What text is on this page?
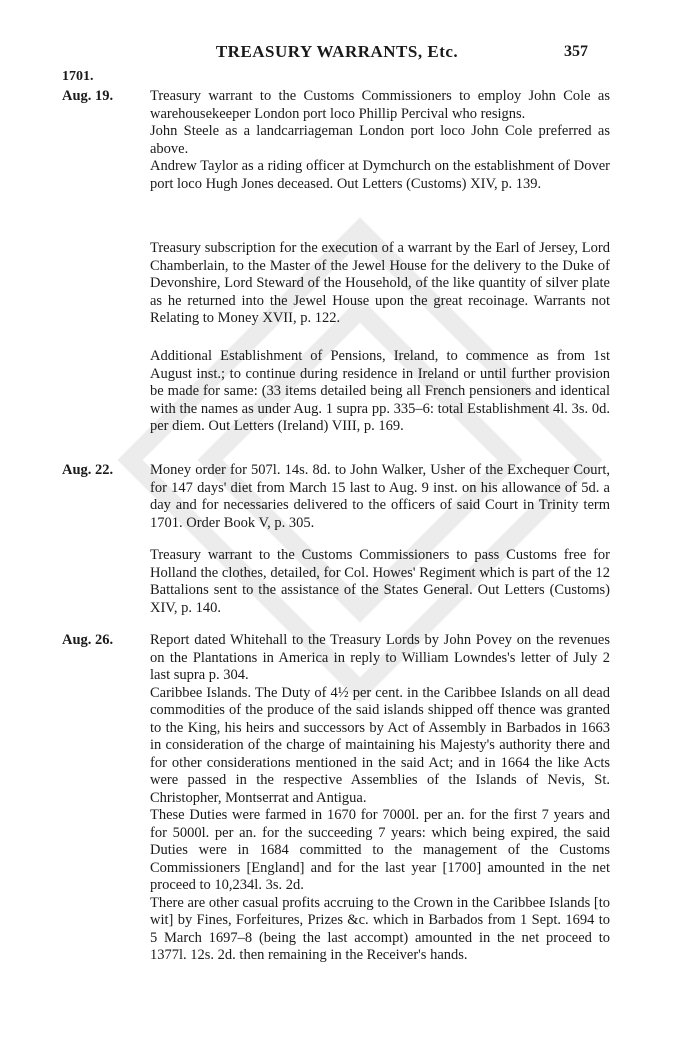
TREASURY WARRANTS, Etc.	357
1701.
Aug. 19.	Treasury warrant to the Customs Commissioners to employ John Cole as warehousekeeper London port loco Phillip Percival who resigns.

John Steele as a landcarriageman London port loco John Cole preferred as above.

Andrew Taylor as a riding officer at Dymchurch on the establishment of Dover port loco Hugh Jones deceased. Out Letters (Customs) XIV, p. 139.

Treasury subscription for the execution of a warrant by the Earl of Jersey, Lord Chamberlain, to the Master of the Jewel House for the delivery to the Duke of Devonshire, Lord Steward of the Household, of the like quantity of silver plate as he returned into the Jewel House upon the great recoinage. Warrants not Relating to Money XVII, p. 122.

Additional Establishment of Pensions, Ireland, to commence as from 1st August inst.; to continue during residence in Ireland or until further provision be made for same: (33 items detailed being all French pensioners and identical with the names as under Aug. 1 supra pp. 335–6: total Establishment 4l. 3s. 0d. per diem. Out Letters (Ireland) VIII, p. 169.

Aug. 22.	Money order for 507l. 14s. 8d. to John Walker, Usher of the Exchequer Court, for 147 days' diet from March 15 last to Aug. 9 inst. on his allowance of 5d. a day and for necessaries delivered to the officers of said Court in Trinity term 1701. Order Book V, p. 305.

Treasury warrant to the Customs Commissioners to pass Customs free for Holland the clothes, detailed, for Col. Howes' Regiment which is part of the 12 Battalions sent to the assistance of the States General. Out Letters (Customs) XIV, p. 140.

Aug. 26.	Report dated Whitehall to the Treasury Lords by John Povey on the revenues on the Plantations in America in reply to William Lowndes's letter of July 2 last supra p. 304.

Caribbee Islands. The Duty of 4½ per cent. in the Caribbee Islands on all dead commodities of the produce of the said islands shipped off thence was granted to the King, his heirs and successors by Act of Assembly in Barbados in 1663 in consideration of the charge of maintaining his Majesty's authority there and for other considerations mentioned in the said Act; and in 1664 the like Acts were passed in the respective Assemblies of the Islands of Nevis, St. Christopher, Montserrat and Antigua.

These Duties were farmed in 1670 for 7000l. per an. for the first 7 years and for 5000l. per an. for the succeeding 7 years: which being expired, the said Duties were in 1684 committed to the management of the Customs Commissioners [England] and for the last year [1700] amounted in the net proceed to 10,234l. 3s. 2d.

There are other casual profits accruing to the Crown in the Caribbee Islands [to wit] by Fines, Forfeitures, Prizes &c. which in Barbados from 1 Sept. 1694 to 5 March 1697–8 (being the last accompt) amounted in the net proceed to 1377l. 12s. 2d. then remaining in the Receiver's hands.
